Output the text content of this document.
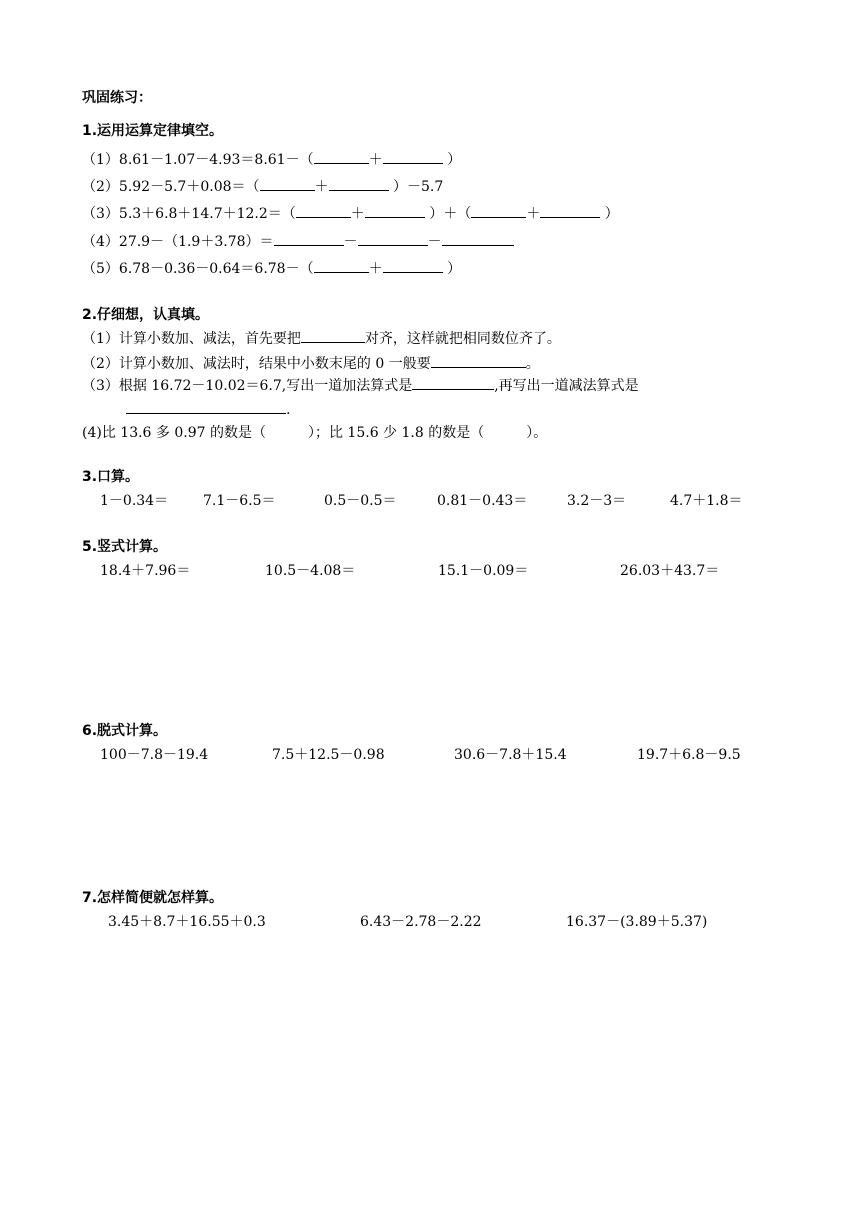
巩固练习：
1.运用运算定律填空。
（1）8.61－1.07－4.93＝8.61－（	＋	）
（2）5.92－5.7＋0.08＝（	＋	）－5.7
（3）5.3＋6.8＋14.7＋12.2＝（	＋	）＋（	＋	）
（4）27.9－（1.9＋3.78）＝	－	－
（5）6.78－0.36－0.64＝6.78－（	＋	）
2.仔细想，认真填。
（1）计算小数加、减法，首先要把	对齐，这样就把相同数位齐了。
（2）计算小数加、减法时，结果中小数末尾的 0 一般要	。
（3）根据 16.72－10.02＝6.7,写出一道加法算式是	,再写出一道减法算式是
.
(4)比 13.6 多 0.97 的数是（　　　）；比 15.6 少 1.8 的数是（　　　）。
3.口算。
1－0.34＝ 7.1－6.5＝	0.5－0.5＝	0.81－0.43＝	3.2－3＝	4.7＋1.8＝
5.竖式计算。
18.4＋7.96＝	10.5－4.08＝	15.1－0.09＝	26.03＋43.7＝
6.脱式计算。
100－7.8－19.4	7.5＋12.5－0.98	30.6－7.8＋15.4	19.7＋6.8－9.5
7.怎样简便就怎样算。
3.45＋8.7＋16.55＋0.3	6.43－2.78－2.22	16.37－(3.89＋5.37)
